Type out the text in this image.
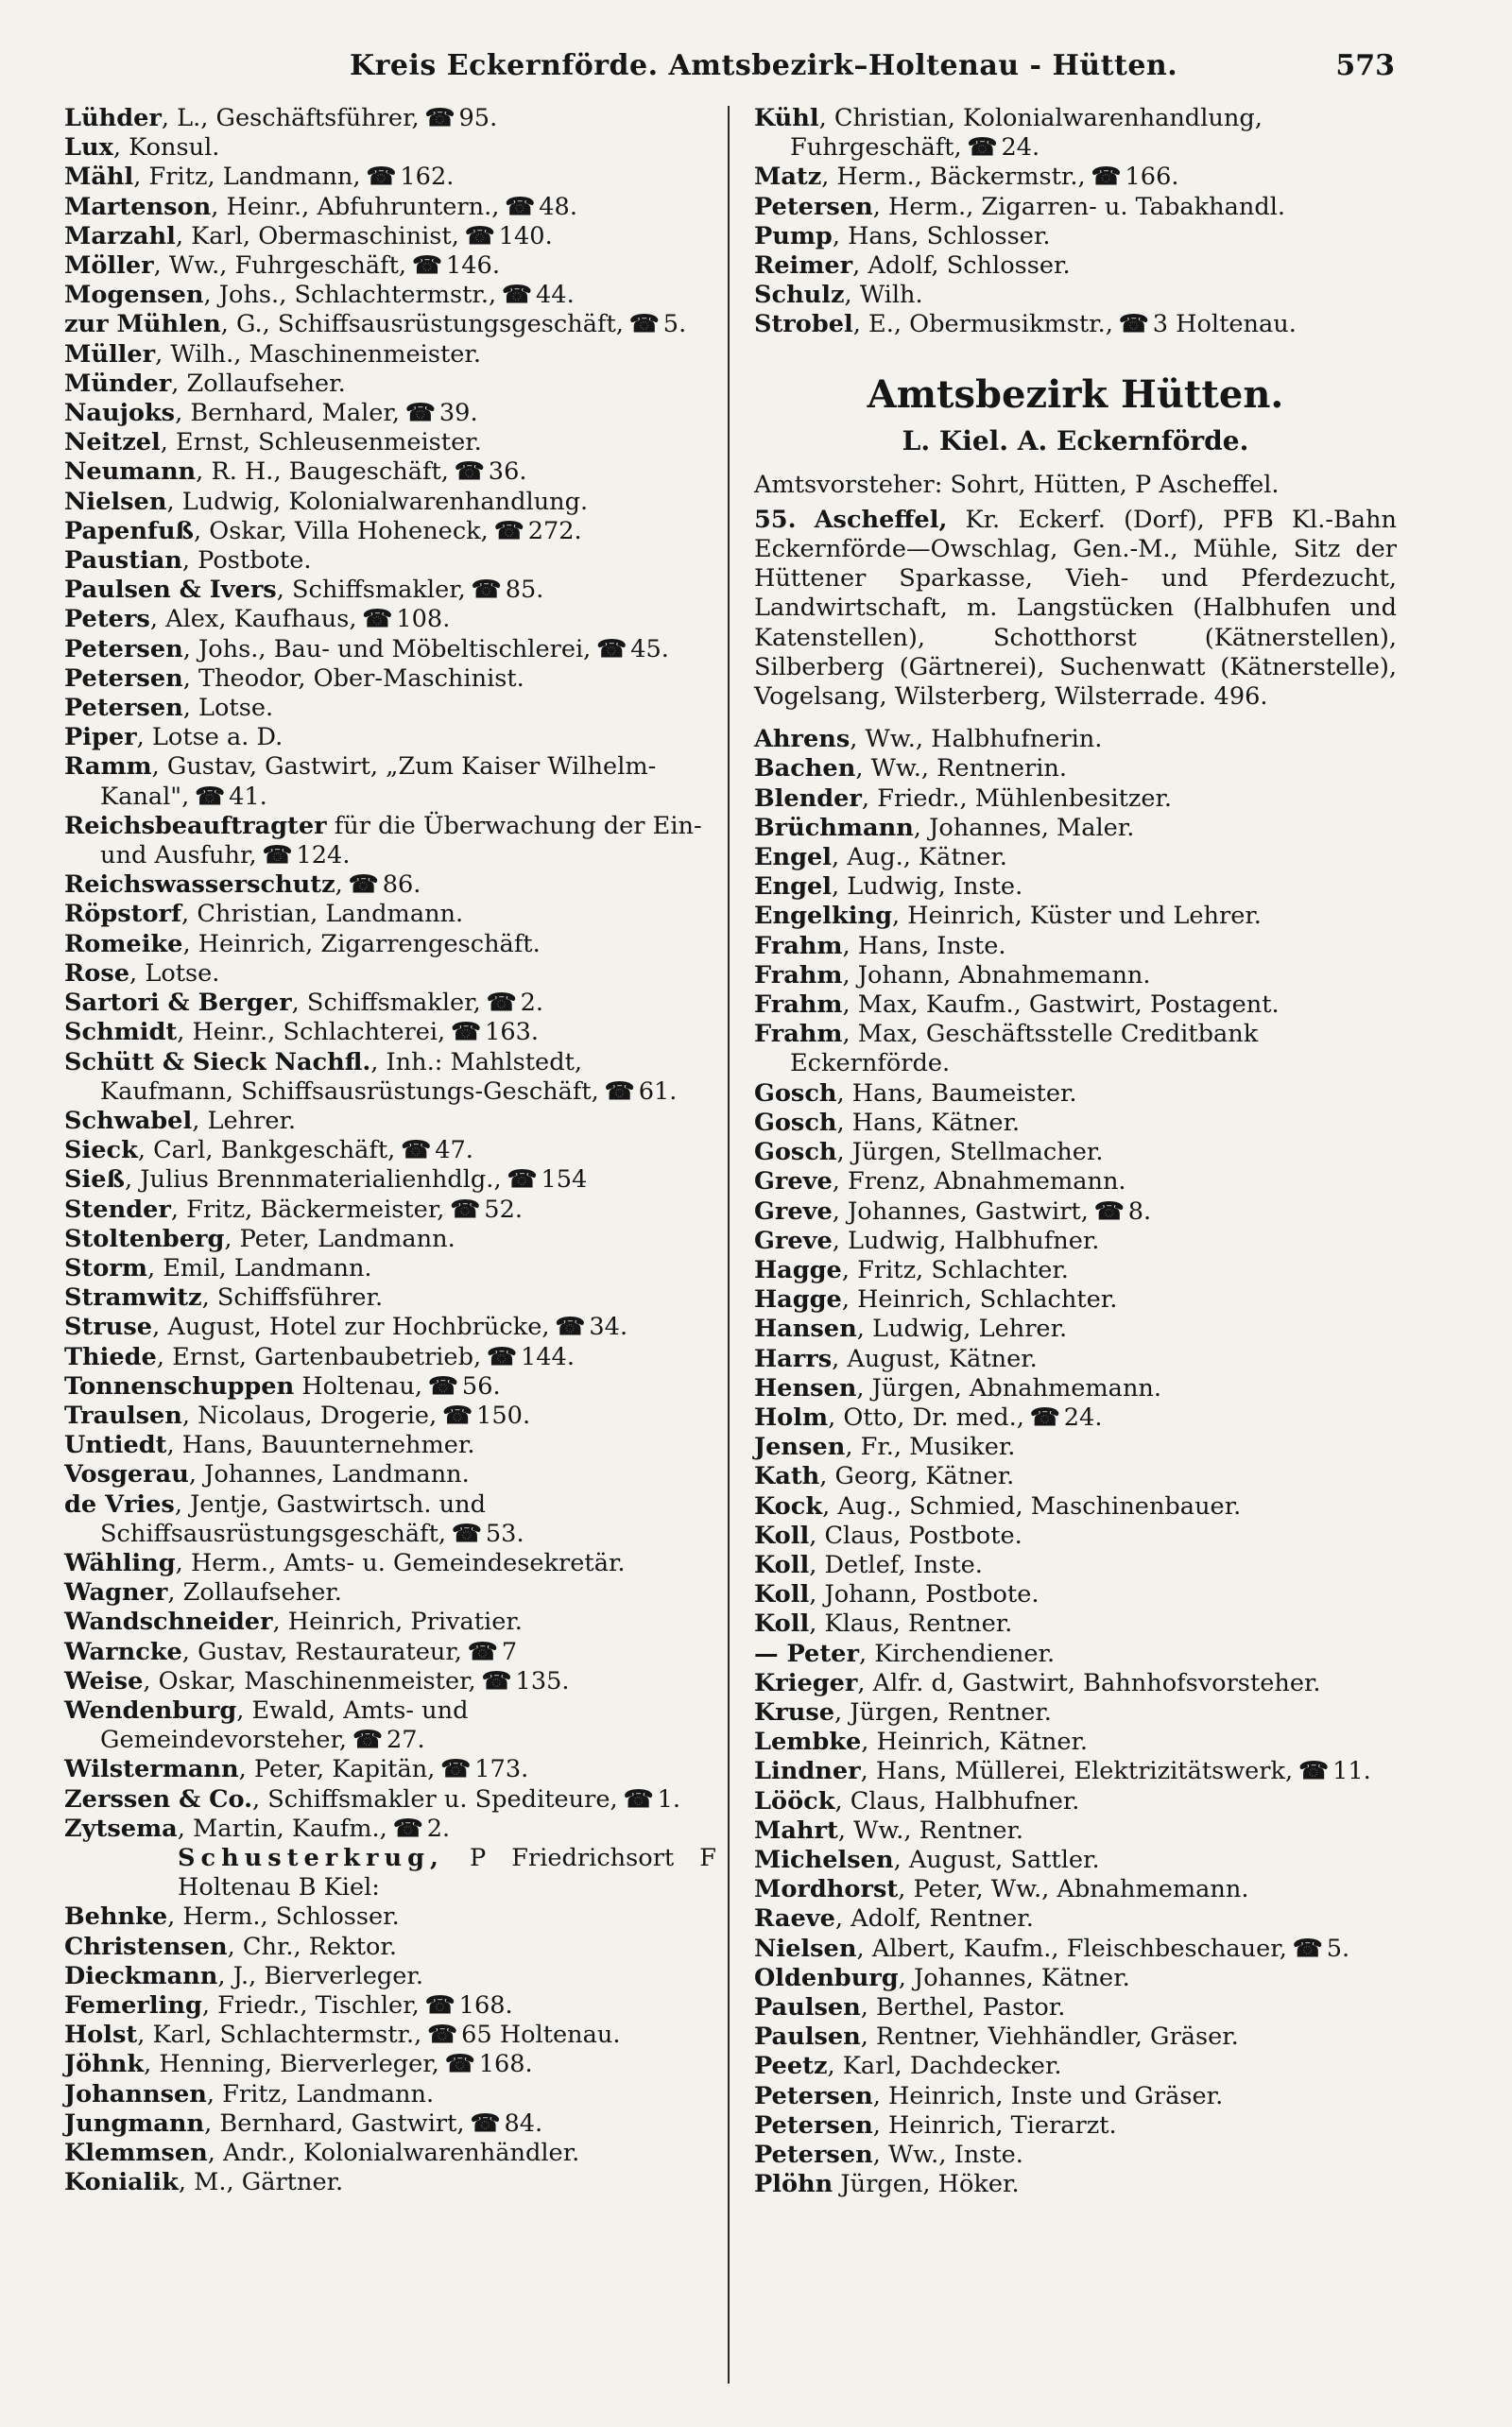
Kreis Eckernförde. Amtsbezirk–Holtenau - Hütten.	573

Lühder, L., Geschäftsführer, ☎ 95.

Lux, Konsul.

Mähl, Fritz, Landmann, ☎ 162.

Martenson, Heinr., Abfuhruntern., ☎ 48.

Marzahl, Karl, Obermaschinist, ☎ 140.

Möller, Ww., Fuhrgeschäft, ☎ 146.

Mogensen, Johs., Schlachtermstr., ☎ 44.

zur Mühlen, G., Schiffsausrüstungsgeschäft, ☎ 5.

Müller, Wilh., Maschinenmeister.

Münder, Zollaufseher.

Naujoks, Bernhard, Maler, ☎ 39.

Neitzel, Ernst, Schleusenmeister.

Neumann, R. H., Baugeschäft, ☎ 36.

Nielsen, Ludwig, Kolonialwarenhandlung.

Papenfuß, Oskar, Villa Hoheneck, ☎ 272.

Paustian, Postbote.

Paulsen & Ivers, Schiffsmakler, ☎ 85.

Peters, Alex, Kaufhaus, ☎ 108.

Petersen, Johs., Bau- und Möbeltischlerei, ☎ 45.

Petersen, Theodor, Ober-Maschinist.

Petersen, Lotse.

Piper, Lotse a. D.

Ramm, Gustav, Gastwirt, „Zum Kaiser Wilhelm-Kanal", ☎ 41.

Reichsbeauftragter für die Überwachung der Ein- und Ausfuhr, ☎ 124.

Reichswasserschutz, ☎ 86.

Röpstorf, Christian, Landmann.

Romeike, Heinrich, Zigarrengeschäft.

Rose, Lotse.

Sartori & Berger, Schiffsmakler, ☎ 2.

Schmidt, Heinr., Schlachterei, ☎ 163.

Schütt & Sieck Nachfl., Inh.: Mahlstedt, Kaufmann, Schiffsausrüstungs-Geschäft, ☎ 61.

Schwabel, Lehrer.

Sieck, Carl, Bankgeschäft, ☎ 47.

Sieß, Julius Brennmaterialienhdlg., ☎ 154

Stender, Fritz, Bäckermeister, ☎ 52.

Stoltenberg, Peter, Landmann.

Storm, Emil, Landmann.

Stramwitz, Schiffsführer.

Struse, August, Hotel zur Hochbrücke, ☎ 34.

Thiede, Ernst, Gartenbaubetrieb, ☎ 144.

Tonnenschuppen Holtenau, ☎ 56.

Traulsen, Nicolaus, Drogerie, ☎ 150.

Untiedt, Hans, Bauunternehmer.

Vosgerau, Johannes, Landmann.

de Vries, Jentje, Gastwirtsch. und Schiffsausrüstungsgeschäft, ☎ 53.

Wähling, Herm., Amts- u. Gemeindesekretär.

Wagner, Zollaufseher.

Wandschneider, Heinrich, Privatier.

Warncke, Gustav, Restaurateur, ☎ 7

Weise, Oskar, Maschinenmeister, ☎ 135.

Wendenburg, Ewald, Amts- und Gemeindevorsteher, ☎ 27.

Wilstermann, Peter, Kapitän, ☎ 173.

Zerssen & Co., Schiffsmakler u. Spediteure, ☎ 1.

Zytsema, Martin, Kaufm., ☎ 2.

Schusterkrug, P Friedrichsort F Holtenau B Kiel:

Behnke, Herm., Schlosser.

Christensen, Chr., Rektor.

Dieckmann, J., Bierverleger.

Femerling, Friedr., Tischler, ☎ 168.

Holst, Karl, Schlachtermstr., ☎ 65 Holtenau.

Jöhnk, Henning, Bierverleger, ☎ 168.

Johannsen, Fritz, Landmann.

Jungmann, Bernhard, Gastwirt, ☎ 84.

Klemmsen, Andr., Kolonialwarenhändler.

Konialik, M., Gärtner.

Kühl, Christian, Kolonialwarenhandlung, Fuhrgeschäft, ☎ 24.

Matz, Herm., Bäckermstr., ☎ 166.

Petersen, Herm., Zigarren- u. Tabakhandl.

Pump, Hans, Schlosser.

Reimer, Adolf, Schlosser.

Schulz, Wilh.

Strobel, E., Obermusikmstr., ☎ 3 Holtenau.

Amtsbezirk Hütten.
L. Kiel. A. Eckernförde.

Amtsvorsteher: Sohrt, Hütten, P Ascheffel.

55. Ascheffel, Kr. Eckerf. (Dorf), PFB Kl.-Bahn Eckernförde—Owschlag, Gen.-M., Mühle, Sitz der Hüttener Sparkasse, Vieh- und Pferdezucht, Landwirtschaft, m. Langstücken (Halbhufen und Katenstellen), Schotthorst (Kätnerstellen), Silberberg (Gärtnerei), Suchenwatt (Kätnerstelle), Vogelsang, Wilsterberg, Wilsterrade. 496.

Ahrens, Ww., Halbhufnerin.

Bachen, Ww., Rentnerin.

Blender, Friedr., Mühlenbesitzer.

Brüchmann, Johannes, Maler.

Engel, Aug., Kätner.

Engel, Ludwig, Inste.

Engelking, Heinrich, Küster und Lehrer.

Frahm, Hans, Inste.

Frahm, Johann, Abnahmemann.

Frahm, Max, Kaufm., Gastwirt, Postagent.

Frahm, Max, Geschäftsstelle Creditbank Eckernförde.

Gosch, Hans, Baumeister.

Gosch, Hans, Kätner.

Gosch, Jürgen, Stellmacher.

Greve, Frenz, Abnahmemann.

Greve, Johannes, Gastwirt, ☎ 8.

Greve, Ludwig, Halbhufner.

Hagge, Fritz, Schlachter.

Hagge, Heinrich, Schlachter.

Hansen, Ludwig, Lehrer.

Harrs, August, Kätner.

Hensen, Jürgen, Abnahmemann.

Holm, Otto, Dr. med., ☎ 24.

Jensen, Fr., Musiker.

Kath, Georg, Kätner.

Kock, Aug., Schmied, Maschinenbauer.

Koll, Claus, Postbote.

Koll, Detlef, Inste.

Koll, Johann, Postbote.

Koll, Klaus, Rentner.

— Peter, Kirchendiener.

Krieger, Alfr. d, Gastwirt, Bahnhofsvorsteher.

Kruse, Jürgen, Rentner.

Lembke, Heinrich, Kätner.

Lindner, Hans, Müllerei, Elektrizitätswerk, ☎ 11.

Lööck, Claus, Halbhufner.

Mahrt, Ww., Rentner.

Michelsen, August, Sattler.

Mordhorst, Peter, Ww., Abnahmemann.

Raeve, Adolf, Rentner.

Nielsen, Albert, Kaufm., Fleischbeschauer, ☎ 5.

Oldenburg, Johannes, Kätner.

Paulsen, Berthel, Pastor.

Paulsen, Rentner, Viehhändler, Gräser.

Peetz, Karl, Dachdecker.

Petersen, Heinrich, Inste und Gräser.

Petersen, Heinrich, Tierarzt.

Petersen, Ww., Inste.

Plöhn Jürgen, Höker.
